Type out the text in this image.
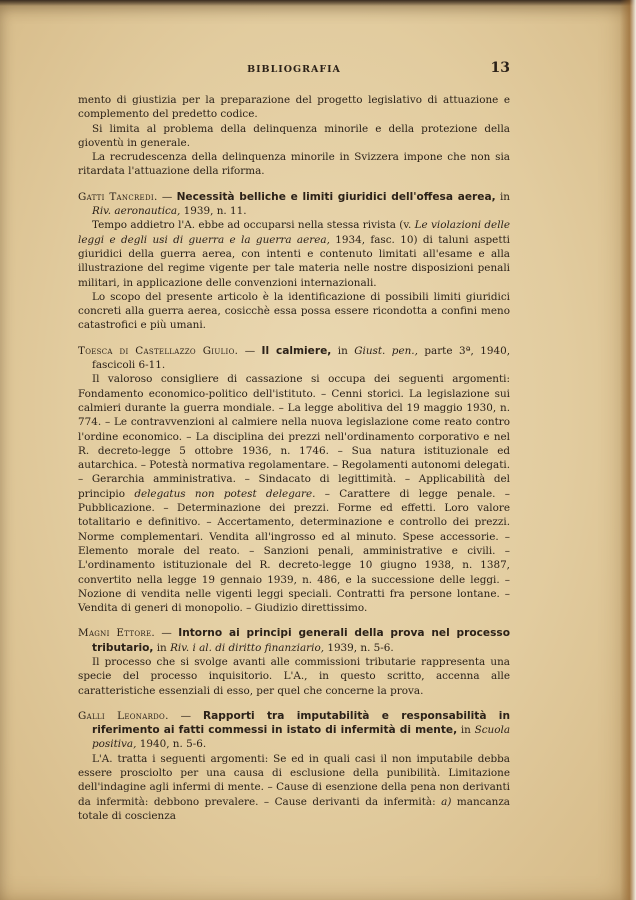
BIBLIOGRAFIA	13

mento di giustizia per la preparazione del progetto legislativo di attuazione e complemento del predetto codice.

Si limita al problema della delinquenza minorile e della protezione della gioventù in generale.

La recrudescenza della delinquenza minorile in Svizzera impone che non sia ritardata l'attuazione della riforma.

Gatti Tancredi. — Necessità belliche e limiti giuridici dell'offesa aerea, in Riv. aeronautica, 1939, n. 11.

Tempo addietro l'A. ebbe ad occuparsi nella stessa rivista (v. Le violazioni delle leggi e degli usi di guerra e la guerra aerea, 1934, fasc. 10) di taluni aspetti giuridici della guerra aerea, con intenti e contenuto limitati all'esame e alla illustrazione del regime vigente per tale materia nelle nostre disposizioni penali militari, in applicazione delle convenzioni internazionali.

Lo scopo del presente articolo è la identificazione di possibili limiti giuridici concreti alla guerra aerea, cosicchè essa possa essere ricondotta a confini meno catastrofici e più umani.

Toesca di Castellazzo Giulio. — Il calmiere, in Giust. pen., parte 3ª, 1940, fascicoli 6-11.

Il valoroso consigliere di cassazione si occupa dei seguenti argomenti: Fondamento economico-politico dell'istituto. – Cenni storici. La legislazione sui calmieri durante la guerra mondiale. – La legge abolitiva del 19 maggio 1930, n. 774. – Le contravvenzioni al calmiere nella nuova legislazione come reato contro l'ordine economico. – La disciplina dei prezzi nell'ordinamento corporativo e nel R. decreto-legge 5 ottobre 1936, n. 1746. – Sua natura istituzionale ed autarchica. – Potestà normativa regolamentare. – Regolamenti autonomi delegati. – Gerarchia amministrativa. – Sindacato di legittimità. – Applicabilità del principio delegatus non potest delegare. – Carattere di legge penale. – Pubblicazione. – Determinazione dei prezzi. Forme ed effetti. Loro valore totalitario e definitivo. – Accertamento, determinazione e controllo dei prezzi. Norme complementari. Vendita all'ingrosso ed al minuto. Spese accessorie. – Elemento morale del reato. – Sanzioni penali, amministrative e civili. – L'ordinamento istituzionale del R. decreto-legge 10 giugno 1938, n. 1387, convertito nella legge 19 gennaio 1939, n. 486, e la successione delle leggi. – Nozione di vendita nelle vigenti leggi speciali. Contratti fra persone lontane. – Vendita di generi di monopolio. – Giudizio direttissimo.

Magni Ettore. — Intorno ai principi generali della prova nel processo tributario, in Riv. i al. di diritto finanziario, 1939, n. 5-6.

Il processo che si svolge avanti alle commissioni tributarie rappresenta una specie del processo inquisitorio. L'A., in questo scritto, accenna alle caratteristiche essenziali di esso, per quel che concerne la prova.

Galli Leonardo. — Rapporti tra imputabilità e responsabilità in riferimento ai fatti commessi in istato di infermità di mente, in Scuola positiva, 1940, n. 5-6.

L'A. tratta i seguenti argomenti: Se ed in quali casi il non imputabile debba essere prosciolto per una causa di esclusione della punibilità. Limitazione dell'indagine agli infermi di mente. – Cause di esenzione della pena non derivanti da infermità: debbono prevalere. – Cause derivanti da infermità: a) mancanza totale di coscienza
